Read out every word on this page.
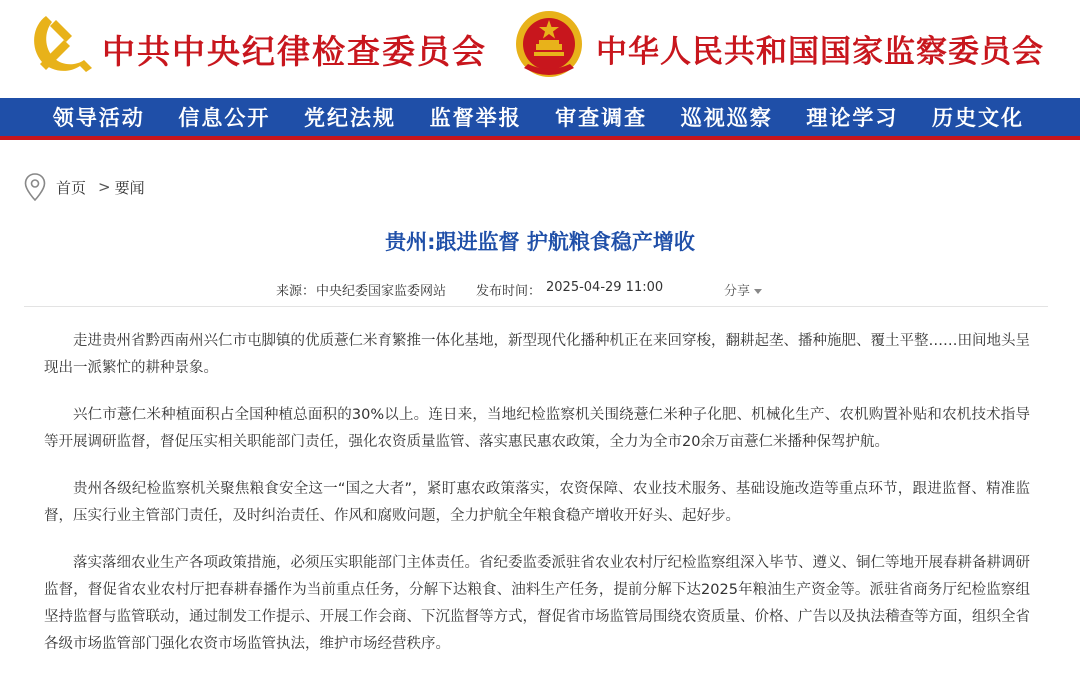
中共中央纪律检查委员会	中华人民共和国国家监察委员会
领导活动	信息公开	党纪法规	监督举报	审查调查	巡视巡察	理论学习	历史文化
首页 > 要闻
贵州:跟进监督 护航粮食稳产增收
来源： 中央纪委国家监委网站 发布时间： 2025-04-29 11:00	分享

走进贵州省黔西南州兴仁市屯脚镇的优质薏仁米育繁推一体化基地，新型现代化播种机正在来回穿梭，翻耕起垄、播种施肥、覆土平整……田间地头呈现出一派繁忙的耕种景象。

兴仁市薏仁米种植面积占全国种植总面积的30%以上。连日来，当地纪检监察机关围绕薏仁米种子化肥、机械化生产、农机购置补贴和农机技术指导等开展调研监督，督促压实相关职能部门责任，强化农资质量监管、落实惠民惠农政策，全力为全市20余万亩薏仁米播种保驾护航。

贵州各级纪检监察机关聚焦粮食安全这一“国之大者”，紧盯惠农政策落实，农资保障、农业技术服务、基础设施改造等重点环节，跟进监督、精准监督，压实行业主管部门责任，及时纠治责任、作风和腐败问题，全力护航全年粮食稳产增收开好头、起好步。

落实落细农业生产各项政策措施，必须压实职能部门主体责任。省纪委监委派驻省农业农村厅纪检监察组深入毕节、遵义、铜仁等地开展春耕备耕调研监督，督促省农业农村厅把春耕春播作为当前重点任务，分解下达粮食、油料生产任务，提前分解下达2025年粮油生产资金等。派驻省商务厅纪检监察组坚持监督与监管联动，通过制发工作提示、开展工作会商、下沉监督等方式，督促省市场监管局围绕农资质量、价格、广告以及执法稽查等方面，组织全省各级市场监管部门强化农资市场监管执法，维护市场经营秩序。
